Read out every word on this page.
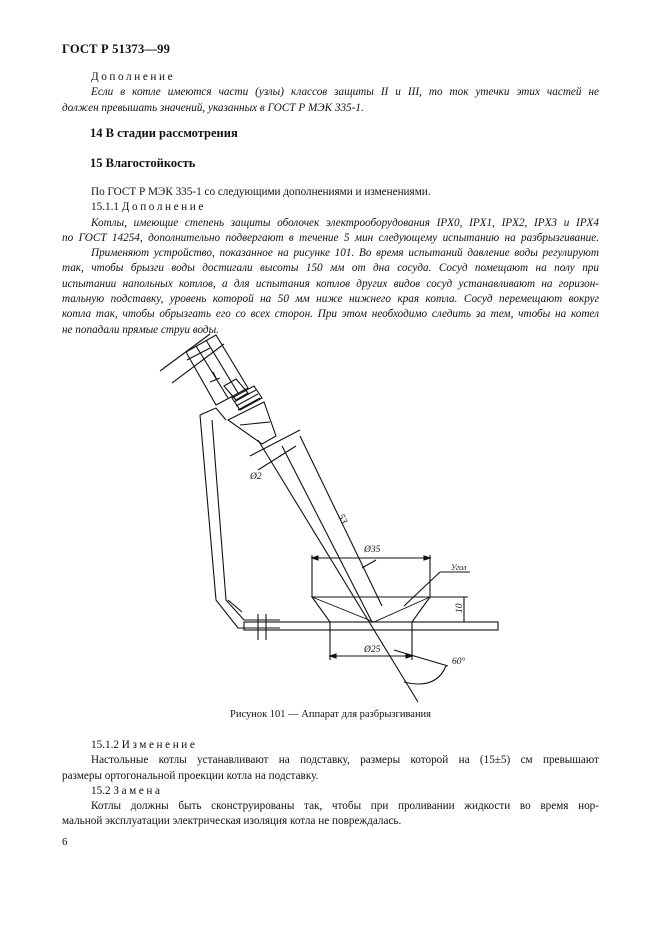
ГОСТ Р 51373—99
Дополнение
Если в котле имеются части (узлы) классов защиты II и III, то ток утечки этих частей не
должен превышать значений, указанных в ГОСТ Р МЭК 335-1.
14 В стадии рассмотрения
15 Влагостойкость
По ГОСТ Р МЭК 335-1 со следующими дополнениями и изменениями.
15.1.1 Дополнение
Котлы, имеющие степень защиты оболочек электрооборудования IPX0, IPX1, IPX2, IPX3 и IPX4
по ГОСТ 14254, дополнительно подвергают в течение 5 мин следующему испытанию на разбрызгивание.
Применяют устройство, показанное на рисунке 101. Во время испытаний давление воды регулируют
так, чтобы брызги воды достигали высоты 150 мм от дна сосуда. Сосуд помещают на полу при
испытании напольных котлов, а для испытания котлов других видов сосуд устанавливают на горизон-
тальную подставку, уровень которой на 50 мм ниже нижнего края котла. Сосуд перемещают вокруг
котла так, чтобы обрызгать его со всех сторон. При этом необходимо следить за тем, чтобы на котел
не попадали прямые струи воды.
Ø2
53
Ø35
Ø25
10
60°
Угол
Рисунок 101 — Аппарат для разбрызгивания
15.1.2 Изменение
Настольные котлы устанавливают на подставку, размеры которой на (15±5) см превышают
размеры ортогональной проекции котла на подставку.
15.2 Замена
Котлы должны быть сконструированы так, чтобы при проливании жидкости во время нор-
мальной эксплуатации электрическая изоляция котла не повреждалась.
6
